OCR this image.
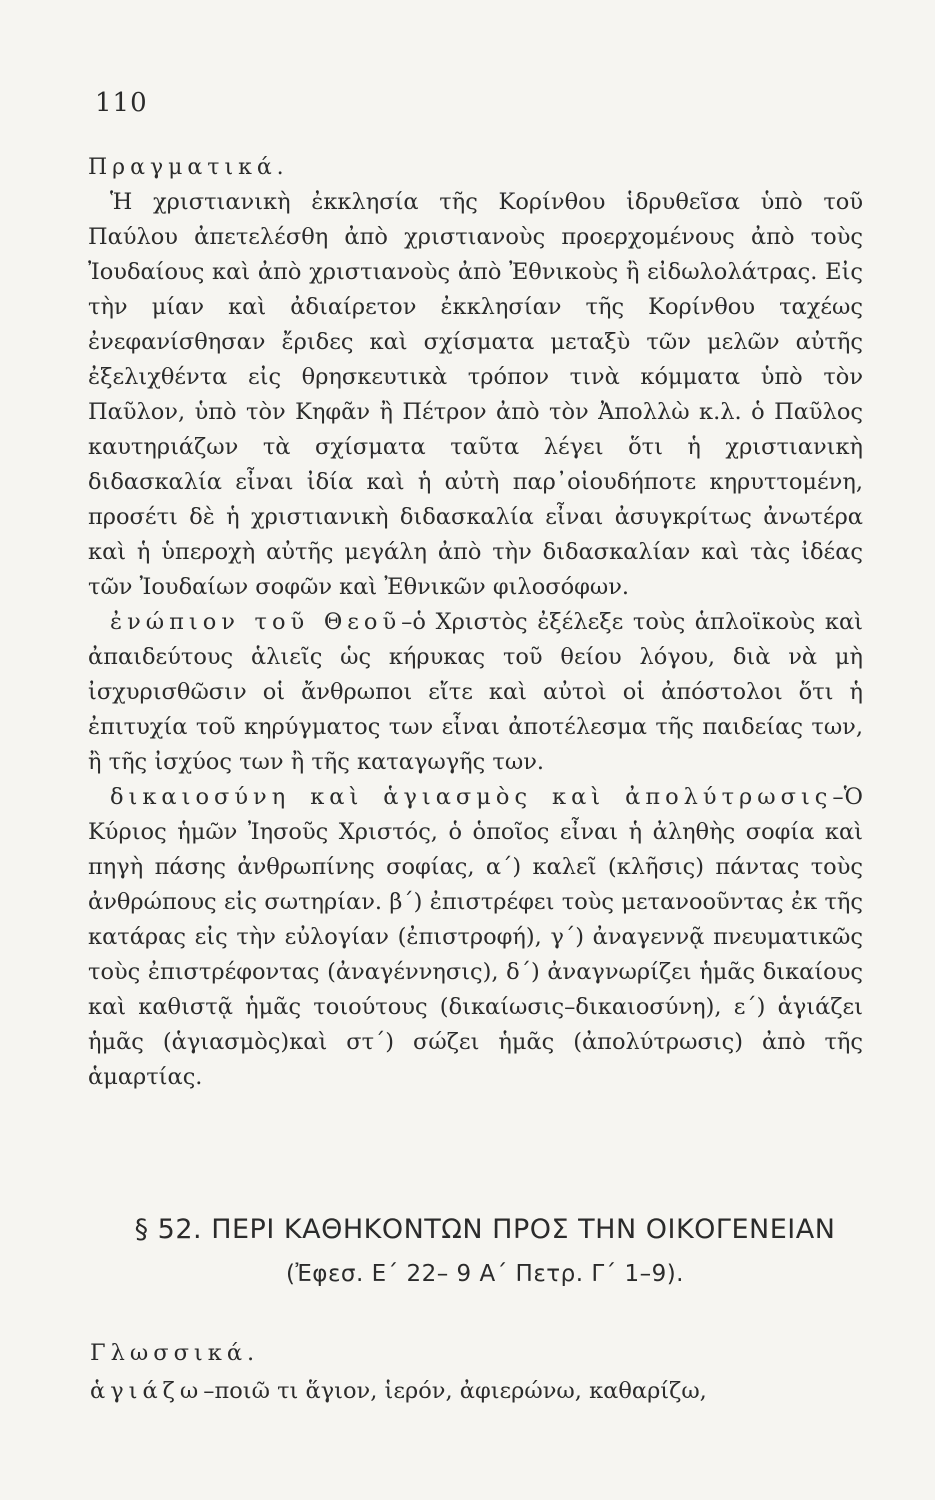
110

Πραγματικά.

Ἡ χριστιανικὴ ἐκκλησία τῆς Κορίνθου ἱδρυθεῖσα ὑπὸ τοῦ Παύλου ἀπετελέσθη ἀπὸ χριστιανοὺς προερχομένους ἀπὸ τοὺς Ἰουδαίους καὶ ἀπὸ χριστιανοὺς ἀπὸ Ἐθνικοὺς ἢ εἰδωλολάτρας. Εἰς τὴν μίαν καὶ ἀδιαίρετον ἐκκλησίαν τῆς Κορίνθου ταχέως ἐνεφανίσθησαν ἔριδες καὶ σχίσματα μεταξὺ τῶν μελῶν αὐτῆς ἐξελιχθέντα εἰς θρησκευτικὰ τρόπον τινὰ κόμματα ὑπὸ τὸν Παῦλον, ὑπὸ τὸν Κηφᾶν ἢ Πέτρον ἀπὸ τὸν Ἀπολλὼ κ.λ. ὁ Παῦλος καυτηριάζων τὰ σχίσματα ταῦτα λέγει ὅτι ἡ χριστιανικὴ διδασκαλία εἶναι ἰδία καὶ ἡ αὐτὴ παρ᾽οἱουδήποτε κηρυττομένη, προσέτι δὲ ἡ χριστιανικὴ διδασκαλία εἶναι ἀσυγκρίτως ἀνωτέρα καὶ ἡ ὑπεροχὴ αὐτῆς μεγάλη ἀπὸ τὴν διδασκαλίαν καὶ τὰς ἰδέας τῶν Ἰουδαίων σοφῶν καὶ Ἐθνικῶν φιλοσόφων.

ἐνώπιον τοῦ Θεοῦ–ὁ Χριστὸς ἐξέλεξε τοὺς ἁπλοϊκοὺς καὶ ἀπαιδεύτους ἁλιεῖς ὡς κήρυκας τοῦ θείου λόγου, διὰ νὰ μὴ ἰσχυρισθῶσιν οἱ ἄνθρωποι εἴτε καὶ αὐτοὶ οἱ ἀπόστολοι ὅτι ἡ ἐπιτυχία τοῦ κηρύγματος των εἶναι ἀποτέλεσμα τῆς παιδείας των, ἢ τῆς ἰσχύος των ἢ τῆς καταγωγῆς των.

δικαιοσύνη καὶ ἁγιασμὸς καὶ ἀπολύτρωσις–Ὁ Κύριος ἡμῶν Ἰησοῦς Χριστός, ὁ ὁποῖος εἶναι ἡ ἀληθὴς σοφία καὶ πηγὴ πάσης ἀνθρωπίνης σοφίας, α´) καλεῖ (κλῆσις) πάντας τοὺς ἀνθρώπους εἰς σωτηρίαν. β´) ἐπιστρέφει τοὺς μετανοοῦντας ἐκ τῆς κατάρας εἰς τὴν εὐλογίαν (ἐπιστροφή), γ´) ἀναγεννᾷ πνευματικῶς τοὺς ἐπιστρέφοντας (ἀναγέννησις), δ´) ἀναγνωρίζει ἡμᾶς δικαίους καὶ καθιστᾷ ἡμᾶς τοιούτους (δικαίωσις–δικαιοσύνη), ε´) ἁγιάζει ἡμᾶς (ἁγιασμὸς)καὶ στ´) σώζει ἡμᾶς (ἀπολύτρωσις) ἀπὸ τῆς ἁμαρτίας.

§ 52. ΠΕΡΙ ΚΑΘΗΚΟΝΤΩΝ ΠΡΟΣ ΤΗΝ ΟΙΚΟΓΕΝΕΙΑΝ
(Ἐφεσ. Ε´ 22– 9 Α´ Πετρ. Γ´ 1–9).
Γλωσσικά.
ἁγιάζω–ποιῶ τι ἅγιον, ἱερόν, ἀφιερώνω, καθαρίζω,
